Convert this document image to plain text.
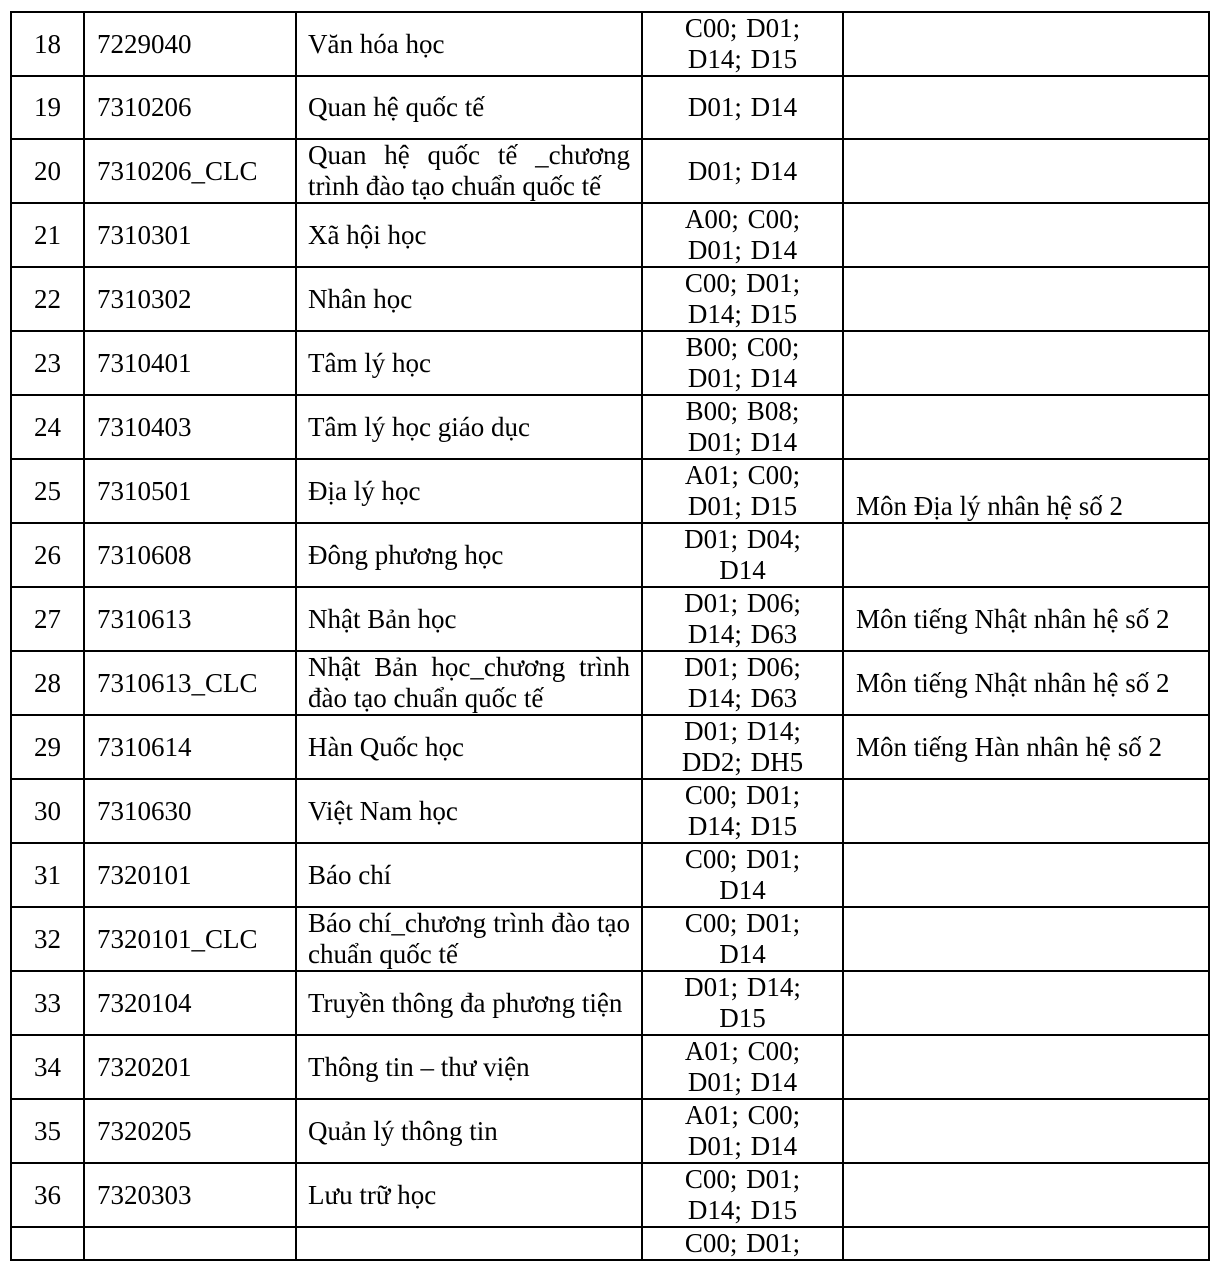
18	7229040	Văn hóa học	C00; D01;
D14; D15	
19	7310206	Quan hệ quốc tế	D01; D14	
20	7310206_CLC	Quan hệ quốc tế _chương trình đào tạo chuẩn quốc tế	D01; D14	
21	7310301	Xã hội học	A00; C00;
D01; D14	
22	7310302	Nhân học	C00; D01;
D14; D15	
23	7310401	Tâm lý học	B00; C00;
D01; D14	
24	7310403	Tâm lý học giáo dục	B00; B08;
D01; D14	
25	7310501	Địa lý học	A01; C00;
D01; D15	Môn Địa lý nhân hệ số 2
26	7310608	Đông phương học	D01; D04;
D14	
27	7310613	Nhật Bản học	D01; D06;
D14; D63	Môn tiếng Nhật nhân hệ số 2
28	7310613_CLC	Nhật Bản học_chương trình đào tạo chuẩn quốc tế	D01; D06;
D14; D63	Môn tiếng Nhật nhân hệ số 2
29	7310614	Hàn Quốc học	D01; D14;
DD2; DH5	Môn tiếng Hàn nhân hệ số 2
30	7310630	Việt Nam học	C00; D01;
D14; D15	
31	7320101	Báo chí	C00; D01;
D14	
32	7320101_CLC	Báo chí_chương trình đào tạo chuẩn quốc tế	C00; D01;
D14	
33	7320104	Truyền thông đa phương tiện	D01; D14;
D15	
34	7320201	Thông tin – thư viện	A01; C00;
D01; D14	
35	7320205	Quản lý thông tin	A01; C00;
D01; D14	
36	7320303	Lưu trữ học	C00; D01;
D14; D15	
			C00; D01;	
